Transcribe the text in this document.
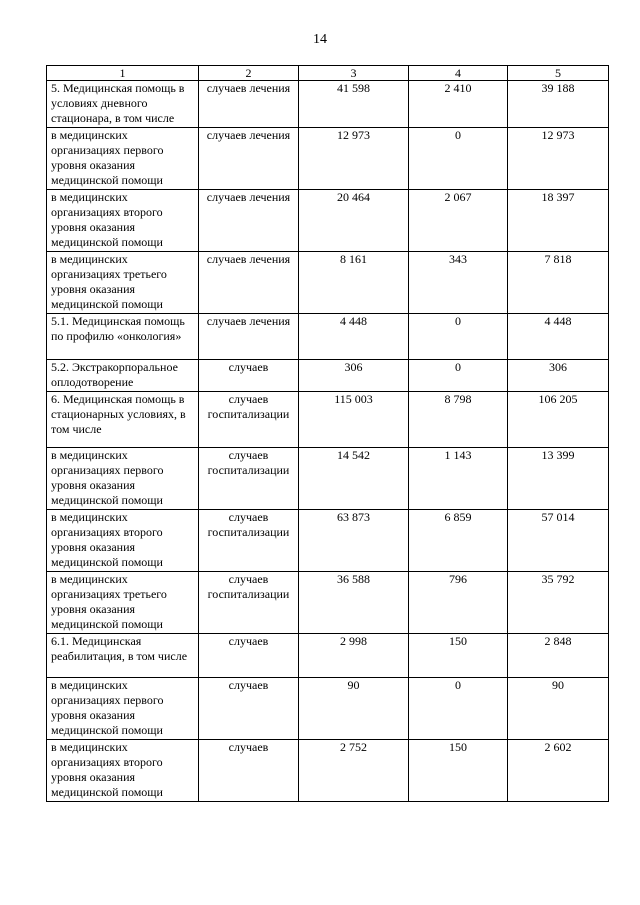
14
1	2	3	4	5
5. Медицинская помощь в условиях дневного стационара, в том числе	случаев лечения	41 598	2 410	39 188
в медицинских организациях первого уровня оказания медицинской помощи	случаев лечения	12 973	0	12 973
в медицинских организациях второго уровня оказания медицинской помощи	случаев лечения	20 464	2 067	18 397
в медицинских организациях третьего уровня оказания медицинской помощи	случаев лечения	8 161	343	7 818
5.1. Медицинская помощь по профилю «онкология»	случаев лечения	4 448	0	4 448
5.2. Экстракорпоральное оплодотворение	случаев	306	0	306
6. Медицинская помощь в стационарных условиях, в том числе	случаев госпитализации	115 003	8 798	106 205
в медицинских организациях первого уровня оказания медицинской помощи	случаев госпитализации	14 542	1 143	13 399
в медицинских организациях второго уровня оказания медицинской помощи	случаев госпитализации	63 873	6 859	57 014
в медицинских организациях третьего уровня оказания медицинской помощи	случаев госпитализации	36 588	796	35 792
6.1. Медицинская реабилитация, в том числе	случаев	2 998	150	2 848
в медицинских организациях первого уровня оказания медицинской помощи	случаев	90	0	90
в медицинских организациях второго уровня оказания медицинской помощи	случаев	2 752	150	2 602
